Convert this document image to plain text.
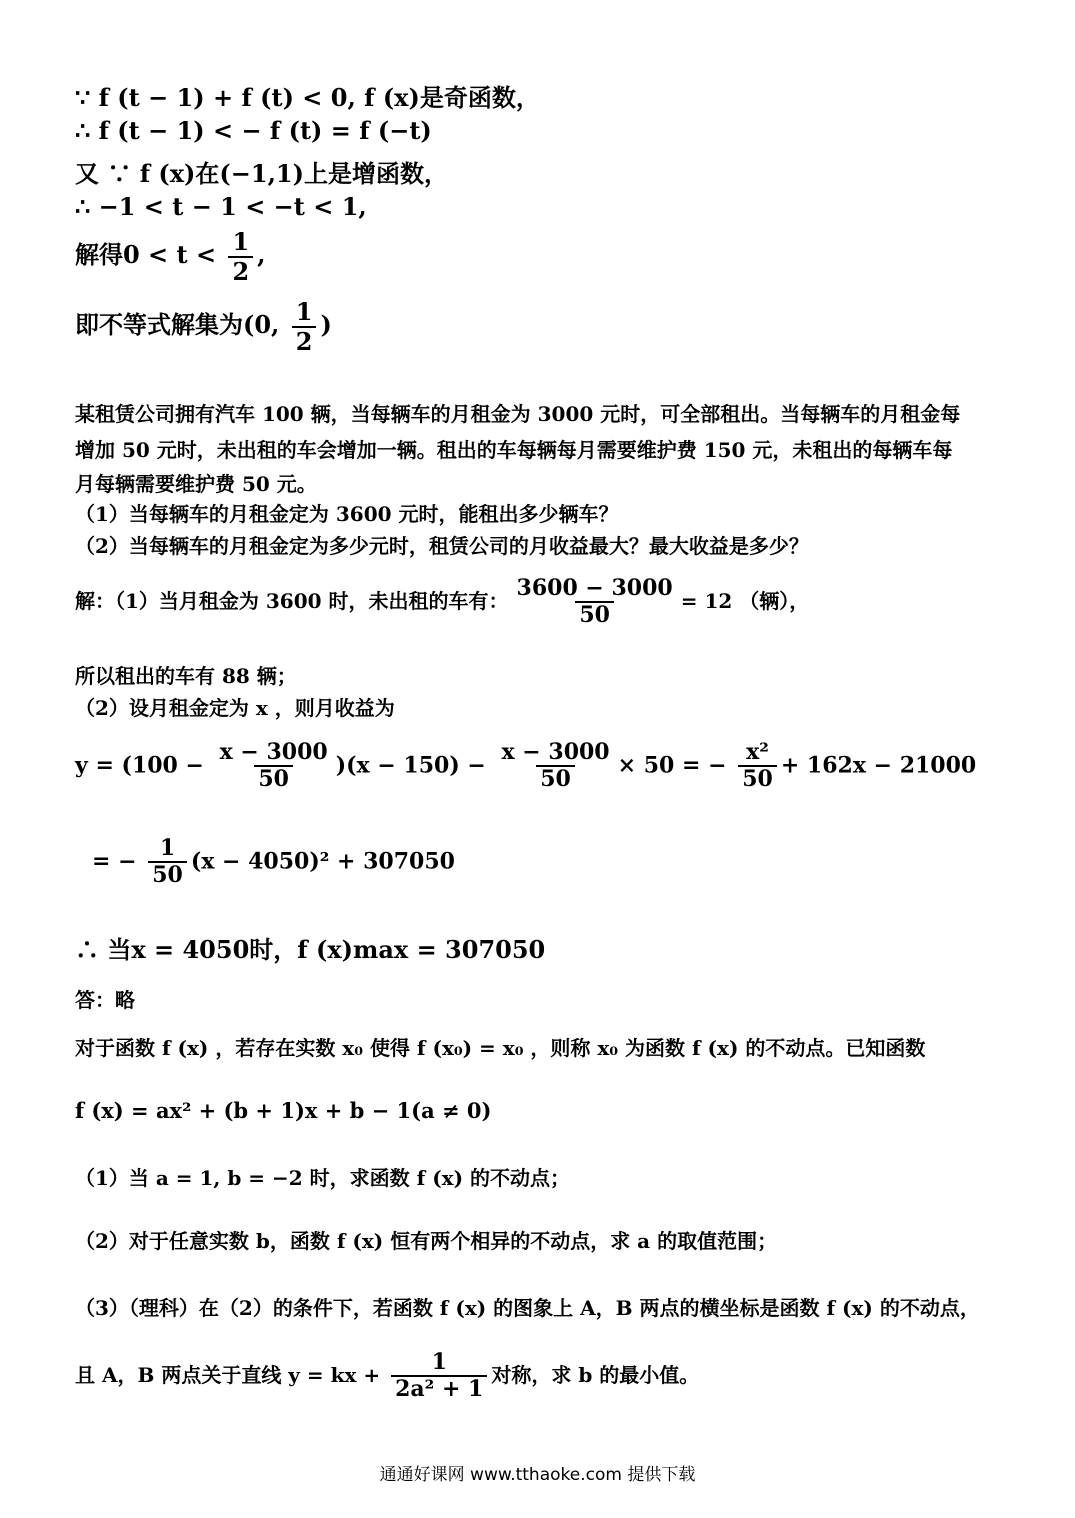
∵ f (t − 1) + f (t) < 0, f (x)是奇函数，
∴ f (t − 1) < − f (t) = f (−t)
又 ∵ f (x)在(−1,1)上是增函数，
∴ −1 < t − 1 < −t < 1,
解得$0 < t < \frac{1}{2}$ ,
即不等式解集为(0, $\frac{1}{2}$ )
某租赁公司拥有汽车 100 辆，当每辆车的月租金为 3000 元时，可全部租出。当每辆车的月租金每
增加 50 元时，未出租的车会增加一辆。租出的车每辆每月需要维护费 150 元，未租出的每辆车每
月每辆需要维护费 50 元。
（1）当每辆车的月租金定为 3600 元时，能租出多少辆车？
（2）当每辆车的月租金定为多少元时，租赁公司的月收益最大？最大收益是多少？
解：（1）当月租金为 3600 时，未出租的车有： $\frac{3600 - 3000}{50} = 12$ （辆），
所以租出的车有 88 辆；
（2）设月租金定为 x ，则月收益为
$y = (100 - \frac{x - 3000}{50} )(x - 150) - \frac{x - 3000}{50} \times 50$ = − $\frac{\text{x²}}{50} + 162x - 21000$
= − $\frac{1}{50} (x - 4050)^2 + 307050$
∴ 当x = 4050时，f (x)max = 307050
答：略
对于函数 f (x) ，若存在实数 x₀ 使得 f (x₀) = x₀ ，则称 x₀ 为函数 f (x) 的不动点。已知函数
f (x) = ax² + (b + 1)x + b − 1(a ≠ 0)
（1）当 a = 1, b = −2 时，求函数 f (x) 的不动点；
（2）对于任意实数 b，函数 f (x) 恒有两个相异的不动点，求 a 的取值范围；
（3）（理科）在（2）的条件下，若函数 f (x) 的图象上 A，B 两点的横坐标是函数 f (x) 的不动点，
且 A，B 两点关于直线 y = kx + $\frac{1}{\text{2a² + 1}}$ 对称，求 b 的最小值。
通通好课网 www.tthaoke.com 提供下载
